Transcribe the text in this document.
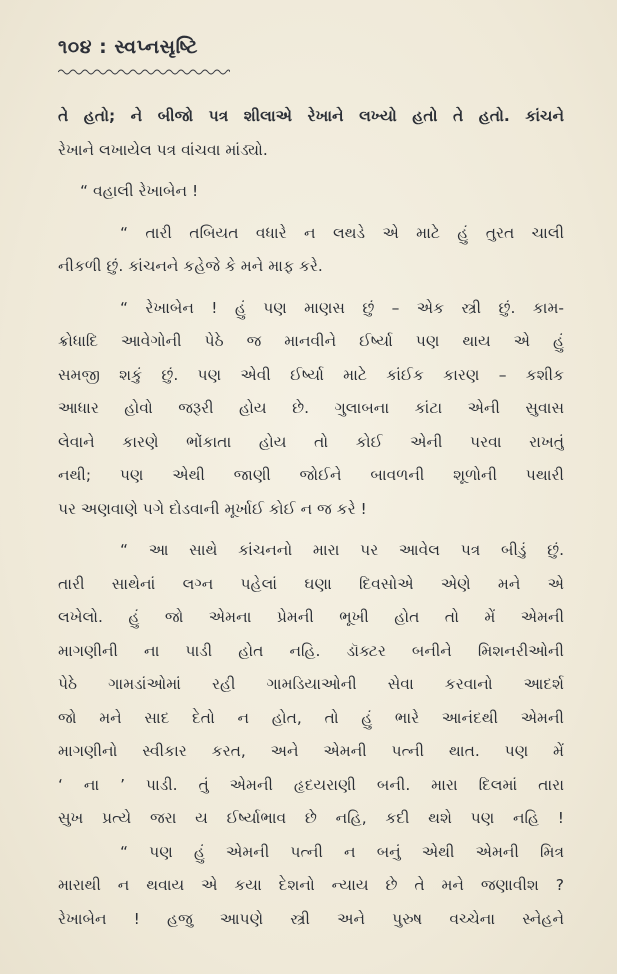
૧૦૪ : સ્વપ્નસૃષ્ટિ
તે હતો; ને બીજો પત્ર શીલાએ રેખાને લખ્યો હતો તે હતો. કાંચને
રેખાને લખાયેલ પત્ર વાંચવા માંડ્યો.
“ વહાલી રેખાબેન !
“ તારી તબિયત વધારે ન લથડે એ માટે હું તુરત ચાલી
નીકળી છું. કાંચનને કહેજે કે મને માફ કરે.
“ રેખાબેન ! હું પણ માણસ છું – એક સ્ત્રી છું. કામ-
ક્રોધાદિ આવેગોની પેઠે જ માનવીને ઈર્ષ્યા પણ થાય એ હું
સમજી શકું છું. પણ એવી ઈર્ષ્યા માટે કાંઈક કારણ – કશીક
આધાર હોવો જરૂરી હોય છે. ગુલાબના કાંટા એની સુવાસ
લેવાને કારણે ભોંકાતા હોય તો કોઈ એની પરવા રાખતું
નથી; પણ એથી જાણી જોઈને બાવળની શૂળોની પથારી
પર અણવાણે પગે દોડવાની મૂર્ખાઈ કોઈ ન જ કરે !
“ આ સાથે કાંચનનો મારા પર આવેલ પત્ર બીડું છું.
તારી સાથેનાં લગ્ન પહેલાં ઘણા દિવસોએ એણે મને એ
લખેલો. હું જો એમના પ્રેમની ભૂખી હોત તો મેં એમની
માગણીની ના પાડી હોત નહિ. ડૉક્ટર બનીને મિશનરીઓની
પેઠે ગામડાંઓમાં રહી ગામડિયાઓની સેવા કરવાનો આદર્શ
જો મને સાદ દેતો ન હોત, તો હું ભારે આનંદથી એમની
માગણીનો સ્વીકાર કરત, અને એમની પત્ની થાત. પણ મેં
‘ ના ’ પાડી. તું એમની હૃદયરાણી બની. મારા દિલમાં તારા
સુખ પ્રત્યે જરા ય ઈર્ષ્યાભાવ છે નહિ, કદી થશે પણ નહિ !
“ પણ હું એમની પત્ની ન બનું એથી એમની મિત્ર
મારાથી ન થવાય એ કયા દેશનો ન્યાય છે તે મને જણાવીશ ?
રેખાબેન ! હજુ આપણે સ્ત્રી અને પુરુષ વચ્ચેના સ્નેહને
